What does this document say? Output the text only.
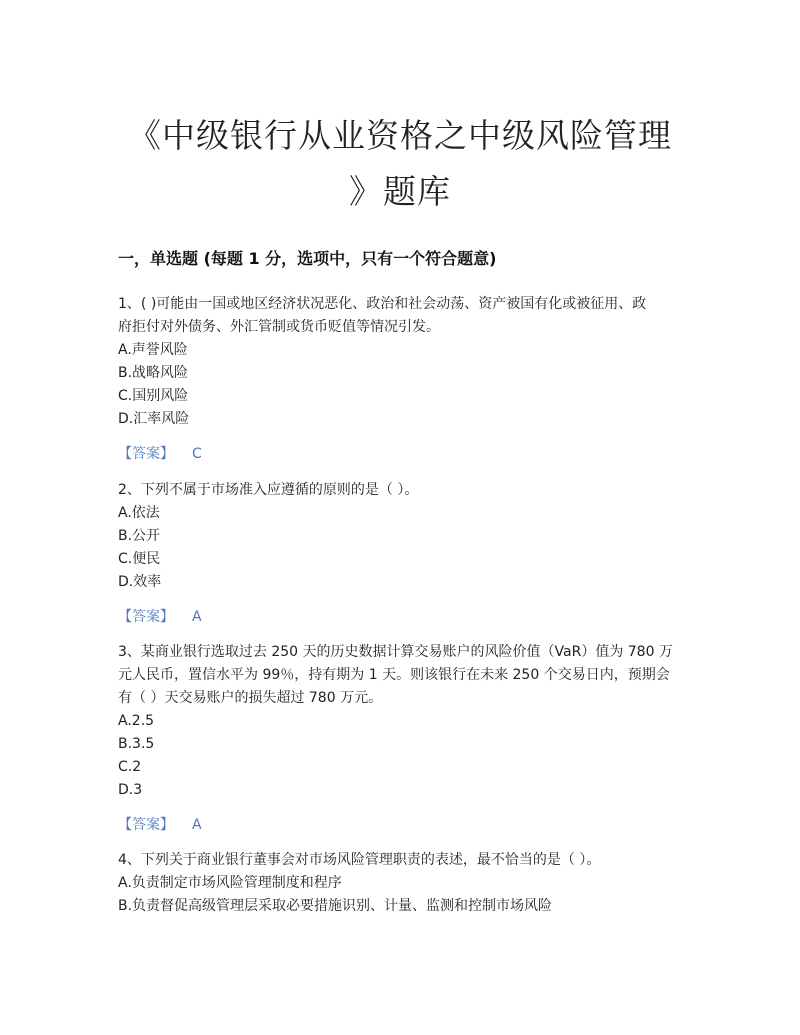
《中级银行从业资格之中级风险管理
》题库
一，单选题 (每题 1 分，选项中，只有一个符合题意)
1、( )可能由一国或地区经济状况恶化、政治和社会动荡、资产被国有化或被征用、政
府拒付对外债务、外汇管制或货币贬值等情况引发。
A.声誉风险
B.战略风险
C.国别风险
D.汇率风险
【答案】 C
2、下列不属于市场准入应遵循的原则的是（ ）。
A.依法
B.公开
C.便民
D.效率
【答案】 A
3、某商业银行选取过去 250 天的历史数据计算交易账户的风险价值（VaR）值为 780 万
元人民币，置信水平为 99％，持有期为 1 天。则该银行在未来 250 个交易日内，预期会
有（ ）天交易账户的损失超过 780 万元。
A.2.5
B.3.5
C.2
D.3
【答案】 A
4、下列关于商业银行董事会对市场风险管理职责的表述，最不恰当的是（ ）。
A.负责制定市场风险管理制度和程序
B.负责督促高级管理层采取必要措施识别、计量、监测和控制市场风险
